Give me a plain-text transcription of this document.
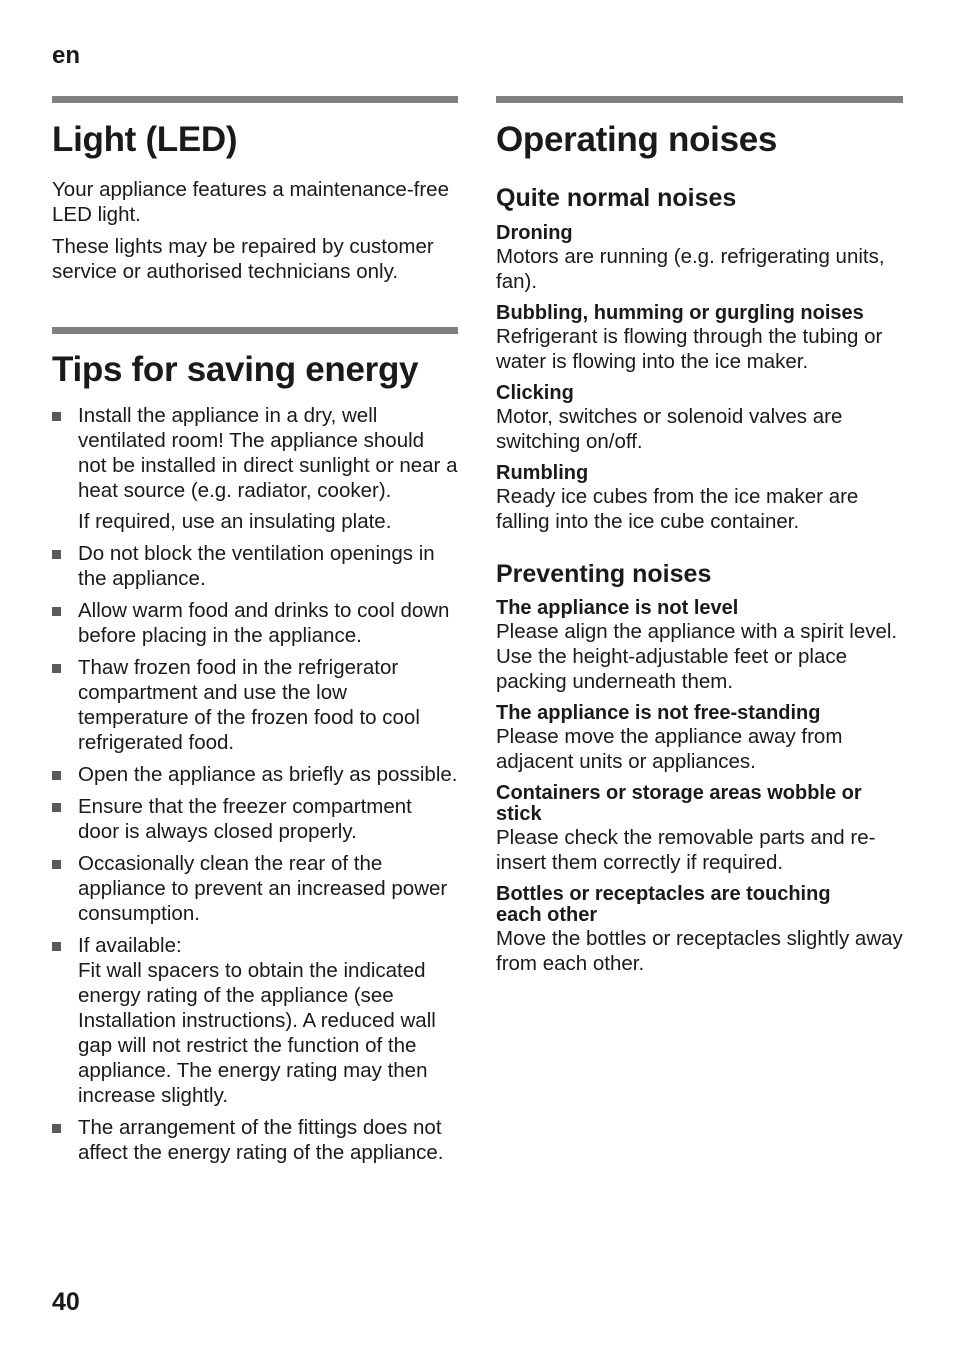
en
Light (LED)

Your appliance features a maintenance-free LED light.

These lights may be repaired by customer service or authorised technicians only.

Tips for saving energy
Install the appliance in a dry, well ventilated room! The appliance should not be installed in direct sunlight or near a heat source (e.g. radiator, cooker).
If required, use an insulating plate.
Do not block the ventilation openings in the appliance.
Allow warm food and drinks to cool down before placing in the appliance.
Thaw frozen food in the refrigerator compartment and use the low temperature of the frozen food to cool refrigerated food.
Open the appliance as briefly as possible.
Ensure that the freezer compartment door is always closed properly.
Occasionally clean the rear of the appliance to prevent an increased power consumption.
If available:
Fit wall spacers to obtain the indicated energy rating of the appliance (see Installation instructions). A reduced wall gap will not restrict the function of the appliance. The energy rating may then increase slightly.
The arrangement of the fittings does not affect the energy rating of the appliance.
Operating noises
Quite normal noises
Droning

Motors are running (e.g. refrigerating units, fan).

Bubbling, humming or gurgling noises

Refrigerant is flowing through the tubing or water is flowing into the ice maker.

Clicking

Motor, switches or solenoid valves are switching on/off.

Rumbling

Ready ice cubes from the ice maker are falling into the ice cube container.

Preventing noises
The appliance is not level

Please align the appliance with a spirit level. Use the height-adjustable feet or place packing underneath them.

The appliance is not free-standing

Please move the appliance away from adjacent units or appliances.

Containers or storage areas wobble or stick

Please check the removable parts and re-insert them correctly if required.

Bottles or receptacles are touching each other

Move the bottles or receptacles slightly away from each other.

40
